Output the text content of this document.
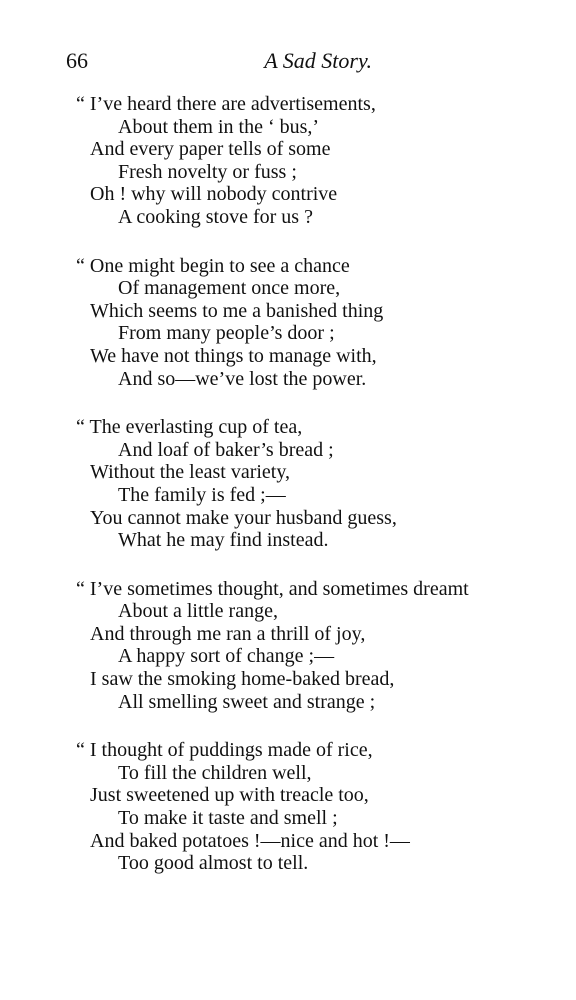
66	A Sad Story.
“ I’ve heard there are advertisements,
About them in the ‘ bus,’
And every paper tells of some
Fresh novelty or fuss ;
Oh ! why will nobody contrive
A cooking stove for us ?
“ One might begin to see a chance
Of management once more,
Which seems to me a banished thing
From many people’s door ;
We have not things to manage with,
And so—we’ve lost the power.
“ The everlasting cup of tea,
And loaf of baker’s bread ;
Without the least variety,
The family is fed ;—
You cannot make your husband guess,
What he may find instead.
“ I’ve sometimes thought, and sometimes dreamt
About a little range,
And through me ran a thrill of joy,
A happy sort of change ;—
I saw the smoking home-baked bread,
All smelling sweet and strange ;
“ I thought of puddings made of rice,
To fill the children well,
Just sweetened up with treacle too,
To make it taste and smell ;
And baked potatoes !—nice and hot !—
Too good almost to tell.
